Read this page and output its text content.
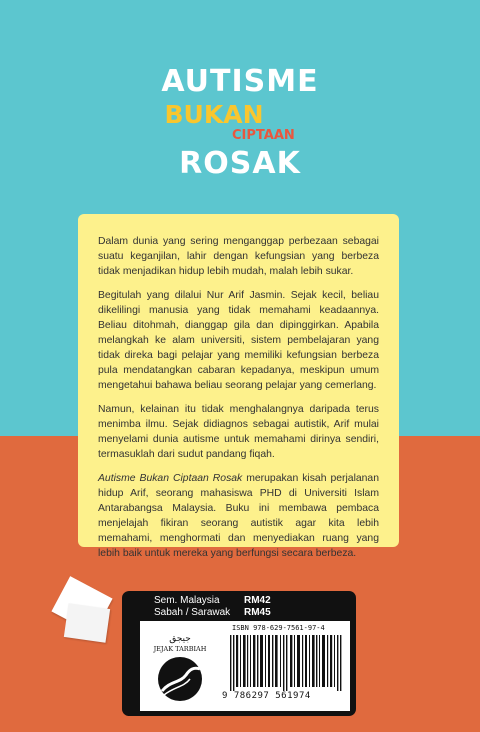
AUTISME
BUKAN
CIPTAAN
ROSAK

Dalam dunia yang sering menganggap perbezaan sebagai suatu keganjilan, lahir dengan kefungsian yang berbeza tidak menjadikan hidup lebih mudah, malah lebih sukar.

Begitulah yang dilalui Nur Arif Jasmin. Sejak kecil, beliau dikelilingi manusia yang tidak memahami keadaannya. Beliau ditohmah, dianggap gila dan dipinggirkan. Apabila melangkah ke alam universiti, sistem pembelajaran yang tidak direka bagi pelajar yang memiliki kefungsian berbeza pula mendatangkan cabaran kepadanya, meskipun umum mengetahui bahawa beliau seorang pelajar yang cemerlang.

Namun, kelainan itu tidak menghalangnya daripada terus menimba ilmu. Sejak didiagnos sebagai autistik, Arif mulai menyelami dunia autisme untuk memahami dirinya sendiri, termasuklah dari sudut pandang fiqah.

Autisme Bukan Ciptaan Rosak merupakan kisah perjalanan hidup Arif, seorang mahasiswa PHD di Universiti Islam Antarabangsa Malaysia. Buku ini membawa pembaca menjelajah fikiran seorang autistik agar kita lebih memahami, menghormati dan menyediakan ruang yang lebih baik untuk mereka yang berfungsi secara berbeza.

Sem. Malaysia RM42
Sabah / Sarawak RM45
جيجق
JEJAK TARBIAH
ISBN 978-629-7561-97-4
9 786297 561974
